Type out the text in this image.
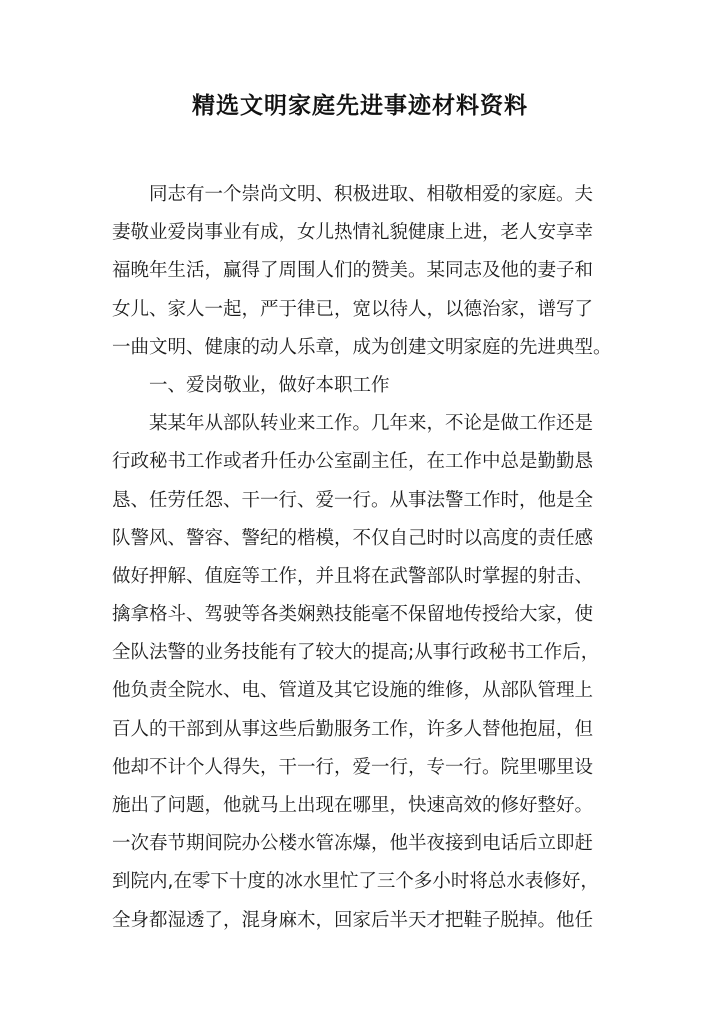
精选文明家庭先进事迹材料资料
同志有一个崇尚文明、积极进取、相敬相爱的家庭。夫
妻敬业爱岗事业有成，女儿热情礼貌健康上进，老人安享幸
福晚年生活，赢得了周围人们的赞美。某同志及他的妻子和
女儿、家人一起，严于律已，宽以待人，以德治家，谱写了
一曲文明、健康的动人乐章，成为创建文明家庭的先进典型。
一、爱岗敬业，做好本职工作
某某年从部队转业来工作。几年来，不论是做工作还是
行政秘书工作或者升任办公室副主任，在工作中总是勤勤恳
恳、任劳任怨、干一行、爱一行。从事法警工作时，他是全
队警风、警容、警纪的楷模，不仅自己时时以高度的责任感
做好押解、值庭等工作，并且将在武警部队时掌握的射击、
擒拿格斗、驾驶等各类娴熟技能毫不保留地传授给大家，使
全队法警的业务技能有了较大的提高;从事行政秘书工作后，
他负责全院水、电、管道及其它设施的维修，从部队管理上
百人的干部到从事这些后勤服务工作，许多人替他抱屈，但
他却不计个人得失，干一行，爱一行，专一行。院里哪里设
施出了问题，他就马上出现在哪里，快速高效的修好整好。
一次春节期间院办公楼水管冻爆，他半夜接到电话后立即赶
到院内,在零下十度的冰水里忙了三个多小时将总水表修好，
全身都湿透了，混身麻木，回家后半天才把鞋子脱掉。他任
